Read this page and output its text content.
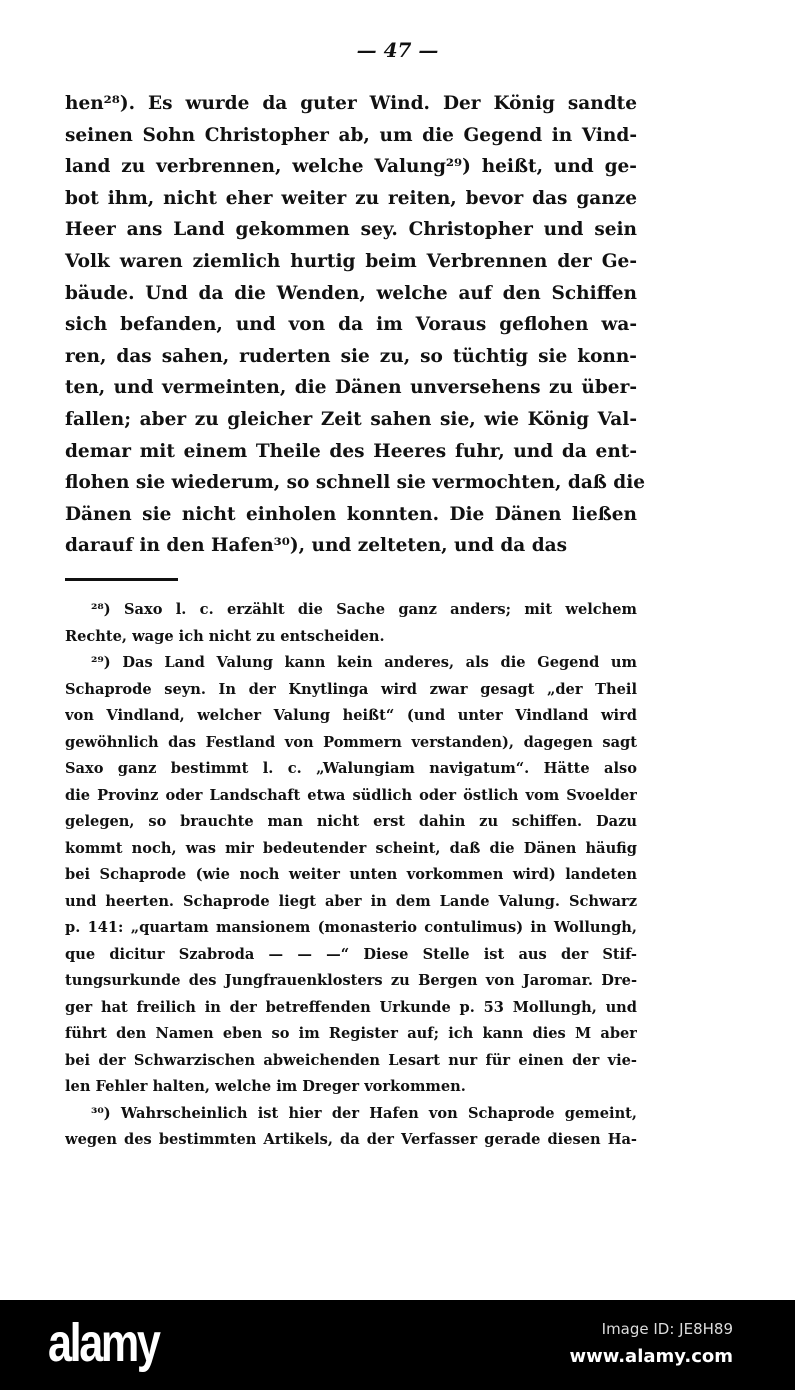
— 47 —
hen²⁸). Es wurde da guter Wind. Der König sandte
seinen Sohn Christopher ab, um die Gegend in Vind-
land zu verbrennen, welche Valung²⁹) heißt, und ge-
bot ihm, nicht eher weiter zu reiten, bevor das ganze
Heer ans Land gekommen sey. Christopher und sein
Volk waren ziemlich hurtig beim Verbrennen der Ge-
bäude. Und da die Wenden, welche auf den Schiffen
sich befanden, und von da im Voraus geflohen wa-
ren, das sahen, ruderten sie zu, so tüchtig sie konn-
ten, und vermeinten, die Dänen unversehens zu über-
fallen; aber zu gleicher Zeit sahen sie, wie König Val-
demar mit einem Theile des Heeres fuhr, und da ent-
flohen sie wiederum, so schnell sie vermochten, daß die
Dänen sie nicht einholen konnten. Die Dänen ließen
darauf in den Hafen³⁰), und zelteten, und da das
²⁸) Saxo l. c. erzählt die Sache ganz anders; mit welchem
Rechte, wage ich nicht zu entscheiden.
²⁹) Das Land Valung kann kein anderes, als die Gegend um
Schaprode seyn. In der Knytlinga wird zwar gesagt „der Theil
von Vindland, welcher Valung heißt“ (und unter Vindland wird
gewöhnlich das Festland von Pommern verstanden), dagegen sagt
Saxo ganz bestimmt l. c. „Walungiam navigatum“. Hätte also
die Provinz oder Landschaft etwa südlich oder östlich vom Svoelder
gelegen, so brauchte man nicht erst dahin zu schiffen. Dazu
kommt noch, was mir bedeutender scheint, daß die Dänen häufig
bei Schaprode (wie noch weiter unten vorkommen wird) landeten
und heerten. Schaprode liegt aber in dem Lande Valung. Schwarz
p. 141: „quartam mansionem (monasterio contulimus) in Wollungh,
que dicitur Szabroda — — —“ Diese Stelle ist aus der Stif-
tungsurkunde des Jungfrauenklosters zu Bergen von Jaromar. Dre-
ger hat freilich in der betreffenden Urkunde p. 53 Mollungh, und
führt den Namen eben so im Register auf; ich kann dies M aber
bei der Schwarzischen abweichenden Lesart nur für einen der vie-
len Fehler halten, welche im Dreger vorkommen.
³⁰) Wahrscheinlich ist hier der Hafen von Schaprode gemeint,
wegen des bestimmten Artikels, da der Verfasser gerade diesen Ha-
alamy	Image ID: JE8H89
www.alamy.com
